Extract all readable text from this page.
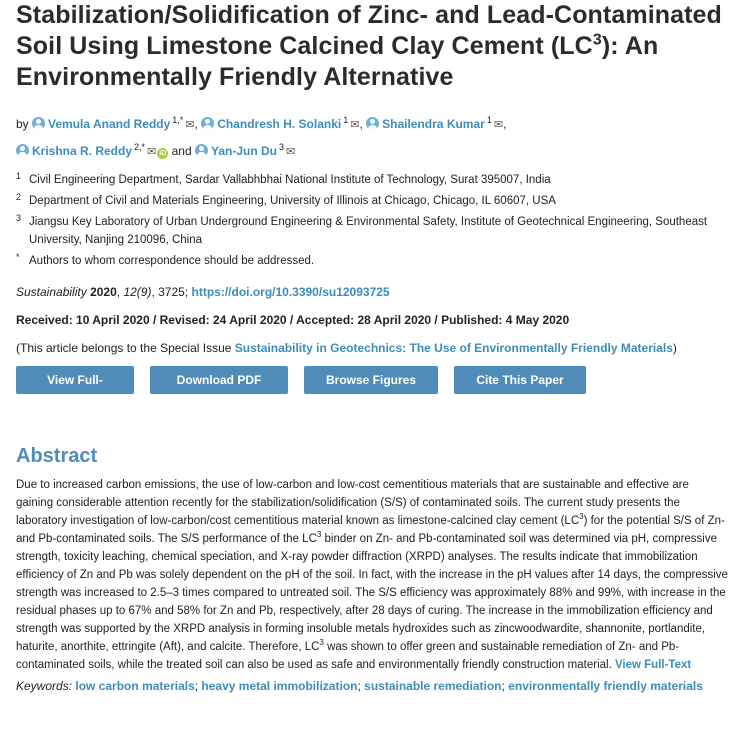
Stabilization/Solidification of Zinc- and Lead-Contaminated Soil Using Limestone Calcined Clay Cement $(LC^3)$: An Environmentally Friendly Alternative
by Vemula Anand Reddy $^{1,*}$ ✉, Chandresh H. Solanki $^1$ ✉, Shailendra Kumar $^1$ ✉,
Krishna R. Reddy $^{2,*}$ ✉ iD and Yan-Jun Du $^3$ ✉
1 Civil Engineering Department, Sardar Vallabhbhai National Institute of Technology, Surat 395007, India
2 Department of Civil and Materials Engineering, University of Illinois at Chicago, Chicago, IL 60607, USA
3 Jiangsu Key Laboratory of Urban Underground Engineering & Environmental Safety, Institute of Geotechnical Engineering, Southeast University, Nanjing 210096, China
* Authors to whom correspondence should be addressed.
Sustainability 2020, 12(9), 3725; https://doi.org/10.3390/su12093725
Received: 10 April 2020 / Revised: 24 April 2020 / Accepted: 28 April 2020 / Published: 4 May 2020
(This article belongs to the Special Issue Sustainability in Geotechnics: The Use of Environmentally Friendly Materials)
View Full-Text
Download PDF	Browse Figures	Cite This Paper
Abstract
Due to increased carbon emissions, the use of low-carbon and low-cost cementitious materials that are sustainable and effective are gaining considerable attention recently for the stabilization/solidification (S/S) of contaminated soils. The current study presents the laboratory investigation of low-carbon/cost cementitious material known as limestone-calcined clay cement $(LC^3)$ for the potential S/S of Zn- and Pb-contaminated soils. The S/S performance of the $LC^3$ binder on Zn- and Pb-contaminated soil was determined via pH, compressive strength, toxicity leaching, chemical speciation, and X-ray powder diffraction (XRPD) analyses. The results indicate that immobilization efficiency of Zn and Pb was solely dependent on the pH of the soil. In fact, with the increase in the pH values after 14 days, the compressive strength was increased to 2.5–3 times compared to untreated soil. The S/S efficiency was approximately 88% and 99%, with increase in the residual phases up to 67% and 58% for Zn and Pb, respectively, after 28 days of curing. The increase in the immobilization efficiency and strength was supported by the XRPD analysis in forming insoluble metals hydroxides such as zincwoodwardite, shannonite, portlandite, haturite, anorthite, ettringite (Aft), and calcite. Therefore, $LC^3$ was shown to offer green and sustainable remediation of Zn- and Pb-contaminated soils, while the treated soil can also be used as safe and environmentally friendly construction material. View Full-Text
Keywords: low carbon materials; heavy metal immobilization; sustainable remediation; environmentally friendly materials
